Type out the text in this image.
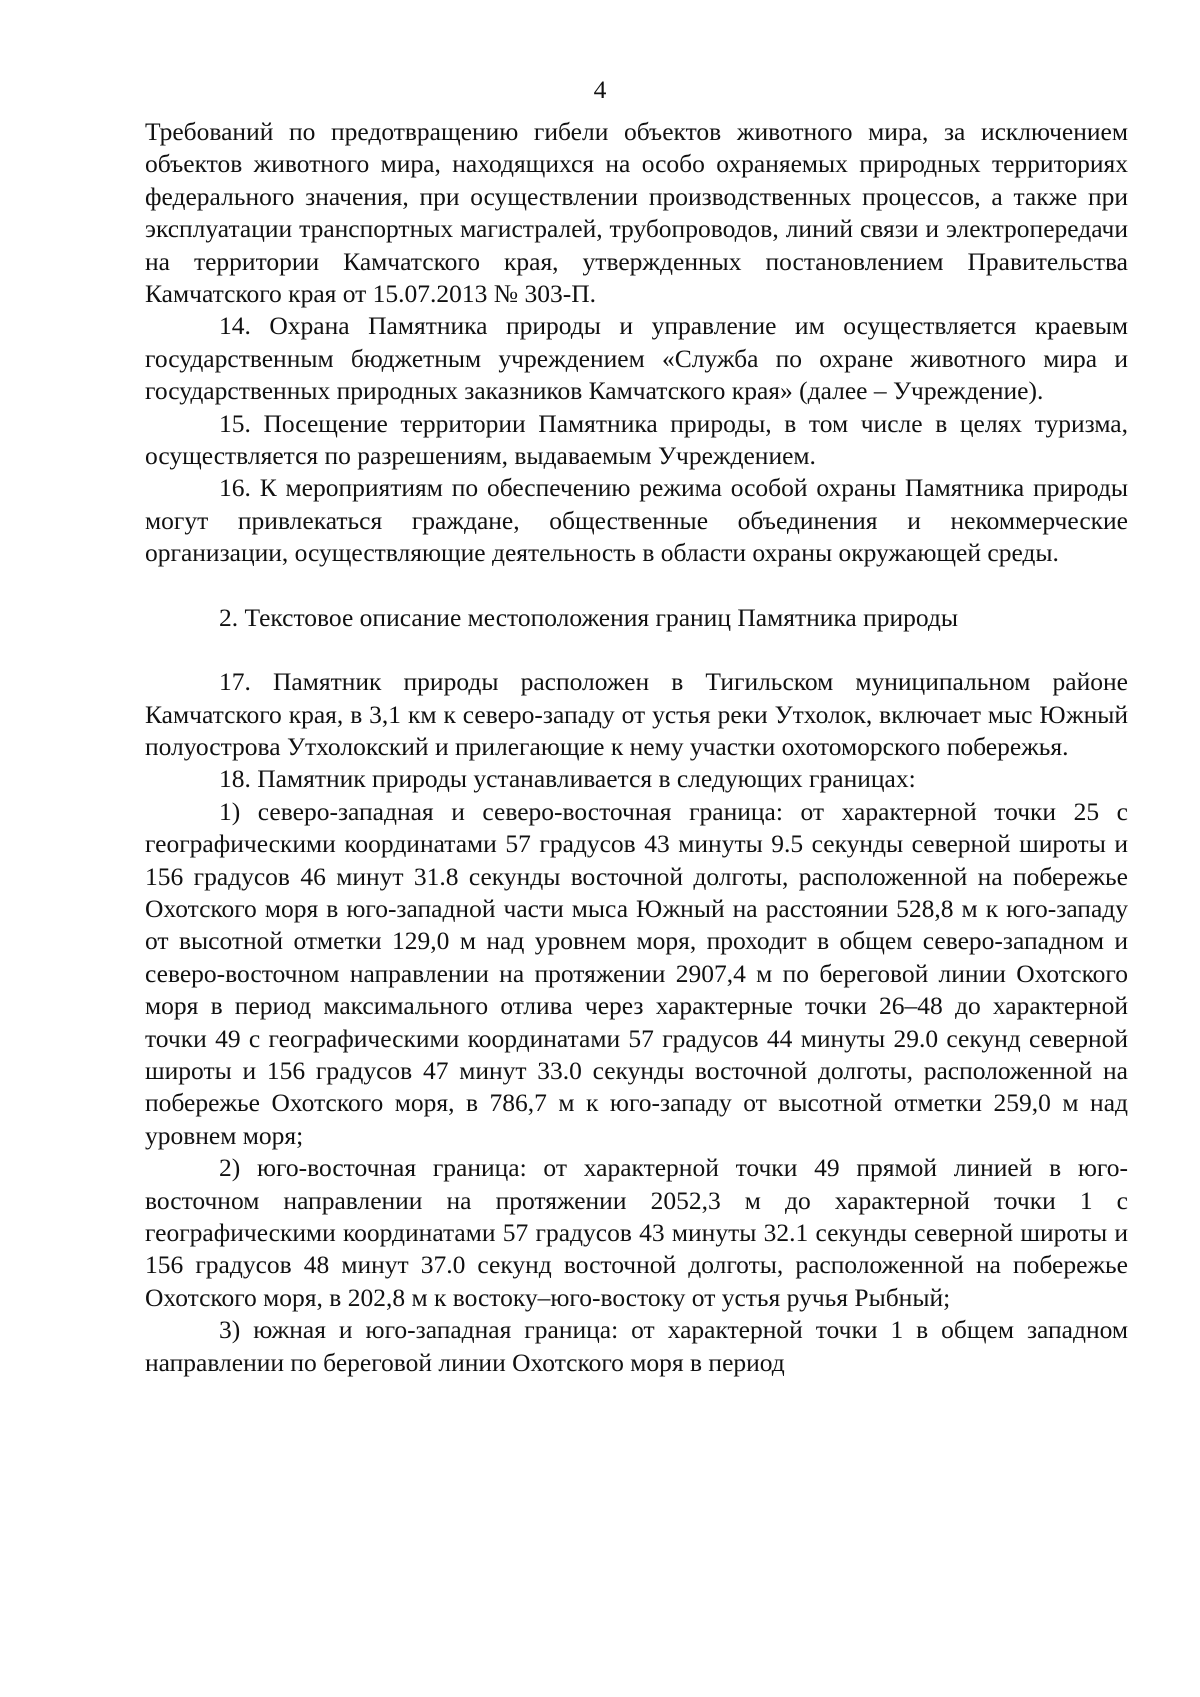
4

Требований по предотвращению гибели объектов животного мира, за исключением объектов животного мира, находящихся на особо охраняемых природных территориях федерального значения, при осуществлении производственных процессов, а также при эксплуатации транспортных магистралей, трубопроводов, линий связи и электропередачи на территории Камчатского края, утвержденных постановлением Правительства Камчатского края от 15.07.2013 № 303-П.

14. Охрана Памятника природы и управление им осуществляется краевым государственным бюджетным учреждением «Служба по охране животного мира и государственных природных заказников Камчатского края» (далее – Учреждение).

15. Посещение территории Памятника природы, в том числе в целях туризма, осуществляется по разрешениям, выдаваемым Учреждением.

16. К мероприятиям по обеспечению режима особой охраны Памятника природы могут привлекаться граждане, общественные объединения и некоммерческие организации, осуществляющие деятельность в области охраны окружающей среды.

2. Текстовое описание местоположения границ Памятника природы

17. Памятник природы расположен в Тигильском муниципальном районе Камчатского края, в 3,1 км к северо-западу от устья реки Утхолок, включает мыс Южный полуострова Утхолокский и прилегающие к нему участки охотоморского побережья.

18. Памятник природы устанавливается в следующих границах:

1) северо-западная и северо-восточная граница: от характерной точки 25 с географическими координатами 57 градусов 43 минуты 9.5 секунды северной широты и 156 градусов 46 минут 31.8 секунды восточной долготы, расположенной на побережье Охотского моря в юго-западной части мыса Южный на расстоянии 528,8 м к юго-западу от высотной отметки 129,0 м над уровнем моря, проходит в общем северо-западном и северо-восточном направлении на протяжении 2907,4 м по береговой линии Охотского моря в период максимального отлива через характерные точки 26–48 до характерной точки 49 с географическими координатами 57 градусов 44 минуты 29.0 секунд северной широты и 156 градусов 47 минут 33.0 секунды восточной долготы, расположенной на побережье Охотского моря, в 786,7 м к юго-западу от высотной отметки 259,0 м над уровнем моря;

2) юго-восточная граница: от характерной точки 49 прямой линией в юго-восточном направлении на протяжении 2052,3 м до характерной точки 1 с географическими координатами 57 градусов 43 минуты 32.1 секунды северной широты и 156 градусов 48 минут 37.0 секунд восточной долготы, расположенной на побережье Охотского моря, в 202,8 м к востоку–юго-востоку от устья ручья Рыбный;

3) южная и юго-западная граница: от характерной точки 1 в общем западном направлении по береговой линии Охотского моря в период
